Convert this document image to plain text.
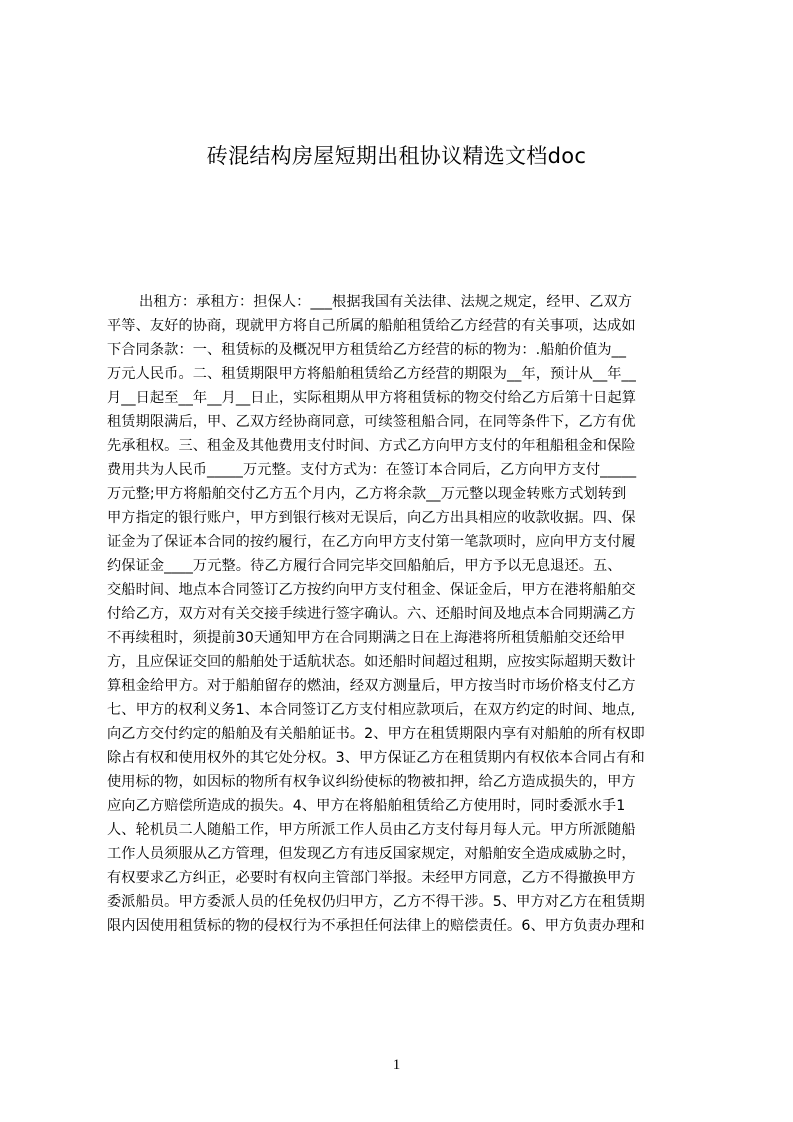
砖混结构房屋短期出租协议精选文档doc
出租方：承租方：担保人：___根据我国有关法律、法规之规定，经甲、乙双方
平等、友好的协商，现就甲方将自己所属的船舶租赁给乙方经营的有关事项，达成如
下合同条款：一、租赁标的及概况甲方租赁给乙方经营的标的物为：.船舶价值为__
万元人民币。二、租赁期限甲方将船舶租赁给乙方经营的期限为__年，预计从__年__
月__日起至__年__月__日止，实际租期从甲方将租赁标的物交付给乙方后第十日起算
租赁期限满后，甲、乙双方经协商同意，可续签租船合同，在同等条件下，乙方有优
先承租权。三、租金及其他费用支付时间、方式乙方向甲方支付的年租船租金和保险
费用共为人民币_____万元整。支付方式为：在签订本合同后，乙方向甲方支付_____
万元整;甲方将船舶交付乙方五个月内，乙方将余款__万元整以现金转账方式划转到
甲方指定的银行账户，甲方到银行核对无误后，向乙方出具相应的收款收据。四、保
证金为了保证本合同的按约履行，在乙方向甲方支付第一笔款项时，应向甲方支付履
约保证金____万元整。待乙方履行合同完毕交回船舶后，甲方予以无息退还。五、
交船时间、地点本合同签订乙方按约向甲方支付租金、保证金后，甲方在港将船舶交
付给乙方，双方对有关交接手续进行签字确认。六、还船时间及地点本合同期满乙方
不再续租时，须提前30天通知甲方在合同期满之日在上海港将所租赁船舶交还给甲
方，且应保证交回的船舶处于适航状态。如还船时间超过租期，应按实际超期天数计
算租金给甲方。对于船舶留存的燃油，经双方测量后，甲方按当时市场价格支付乙方
七、甲方的权利义务1、本合同签订乙方支付相应款项后，在双方约定的时间、地点,
向乙方交付约定的船舶及有关船舶证书。2、甲方在租赁期限内享有对船舶的所有权即
除占有权和使用权外的其它处分权。3、甲方保证乙方在租赁期内有权依本合同占有和
使用标的物，如因标的物所有权争议纠纷使标的物被扣押，给乙方造成损失的，甲方
应向乙方赔偿所造成的损失。4、甲方在将船舶租赁给乙方使用时，同时委派水手1
人、轮机员二人随船工作，甲方所派工作人员由乙方支付每月每人元。甲方所派随船
工作人员须服从乙方管理，但发现乙方有违反国家规定，对船舶安全造成威胁之时，
有权要求乙方纠正，必要时有权向主管部门举报。未经甲方同意，乙方不得撤换甲方
委派船员。甲方委派人员的任免权仍归甲方，乙方不得干涉。5、甲方对乙方在租赁期
限内因使用租赁标的物的侵权行为不承担任何法律上的赔偿责任。6、甲方负责办理和
1
